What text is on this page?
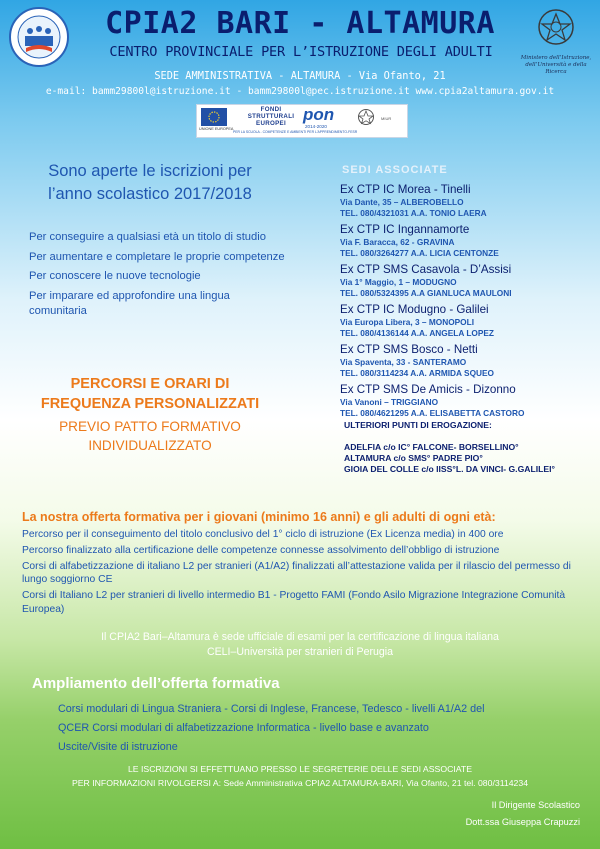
Ministero dell’Istruzione, dell’Università e della Ricerca
CPIA2 BARI - ALTAMURA
CENTRO PROVINCIALE PER L’ISTRUZIONE DEGLI ADULTI
SEDE AMMINISTRATIVA - ALTAMURA - Via Ofanto, 21
e-mail: bamm29800l@istruzione.it - bamm29800l@pec.istruzione.it www.cpia2altamura.gov.it
UNIONE EUROPEA
FONDI
STRUTTURALI
EUROPEI	pon
2014-2020
MIUR
PER LA SCUOLA - COMPETENZE E AMBIENTI PER L'APPRENDIMENTO-FESR
Sono aperte le iscrizioni per
l’anno scolastico 2017/2018
Per conseguire a qualsiasi età un titolo di studio
Per aumentare e completare le proprie competenze
Per conoscere le nuove tecnologie
Per imparare ed approfondire una lingua comunitaria
PERCORSI E ORARI DI
FREQUENZA PERSONALIZZATI
PREVIO PATTO FORMATIVO
INDIVIDUALIZZATO
SEDI ASSOCIATE
Ex CTP IC Morea - Tinelli
Via Dante, 35 – ALBEROBELLO
TEL. 080/4321031 A.A. TONIO LAERA
Ex CTP IC Ingannamorte
Via F. Baracca, 62 - GRAVINA
TEL. 080/3264277 A.A. LICIA CENTONZE
Ex CTP SMS Casavola - D’Assisi
Via 1° Maggio, 1 – MODUGNO
TEL. 080/5324395 A.A GIANLUCA MAULONI
Ex CTP IC Modugno - Galilei
Via Europa Libera, 3 – MONOPOLI
TEL. 080/4136144 A.A. ANGELA LOPEZ
Ex CTP SMS Bosco - Netti
Via Spaventa, 33 - SANTERAMO
TEL. 080/3114234 A.A. ARMIDA SQUEO
Ex CTP SMS De Amicis - Dizonno
Via Vanoni – TRIGGIANO
TEL. 080/4621295 A.A. ELISABETTA CASTORO
ULTERIORI PUNTI DI EROGAZIONE:
ADELFIA c/o IC° FALCONE- BORSELLINO°
ALTAMURA c/o SMS° PADRE PIO°
GIOIA DEL COLLE c/o IISS°L. DA VINCI- G.GALILEI°
La nostra offerta formativa per i giovani (minimo 16 anni) e gli adulti di ogni età:
Percorso per il conseguimento del titolo conclusivo del 1° ciclo di istruzione (Ex Licenza media) in 400 ore
Percorso finalizzato alla certificazione delle competenze connesse assolvimento dell’obbligo di istruzione
Corsi di alfabetizzazione di italiano L2 per stranieri (A1/A2) finalizzati all’attestazione valida per il rilascio del permesso di lungo soggiorno CE
Corsi di Italiano L2 per stranieri di livello intermedio B1 - Progetto FAMI (Fondo Asilo Migrazione Integrazione Comunità Europea)
Il CPIA2 Bari–Altamura è sede ufficiale di esami per la certificazione di lingua italiana
CELI–Università per stranieri di Perugia
Ampliamento dell’offerta formativa
Corsi modulari di Lingua Straniera - Corsi di Inglese, Francese, Tedesco - livelli A1/A2 del
QCER Corsi modulari di alfabetizzazione Informatica - livello base e avanzato
Uscite/Visite di istruzione
LE ISCRIZIONI SI EFFETTUANO PRESSO LE SEGRETERIE DELLE SEDI ASSOCIATE
PER INFORMAZIONI RIVOLGERSI A: Sede Amministrativa CPIA2 ALTAMURA-BARI, Via Ofanto, 21 tel. 080/3114234
Il Dirigente Scolastico
Dott.ssa Giuseppa Crapuzzi
